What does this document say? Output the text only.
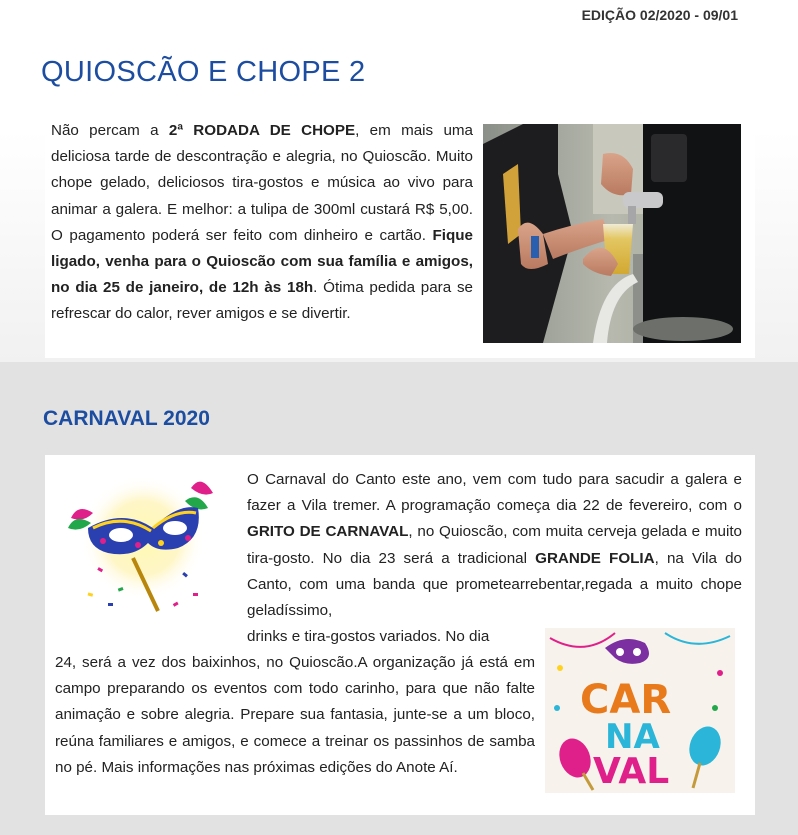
EDIÇÃO 02/2020 - 09/01
QUIOSCÃO E CHOPE 2

Não percam a 2ª RODADA DE CHOPE, em mais uma deliciosa tarde de descontração e alegria, no Quioscão. Muito chope gelado, deliciosos tira-gostos e música ao vivo para animar a galera. E melhor: a tulipa de 300ml custará R$ 5,00. O pagamento poderá ser feito com dinheiro e cartão. Fique ligado, venha para o Quioscão com sua família e amigos, no dia 25 de janeiro, de 12h às 18h. Ótima pedida para se refrescar do calor, rever amigos e se divertir.

CARNAVAL 2020

O Carnaval do Canto este ano, vem com tudo para sacudir a galera e fazer a Vila tremer. A programação começa dia 22 de fevereiro, com o GRITO DE CARNAVAL, no Quioscão, com muita cerveja gelada e muito tira-gosto. No dia 23 será a tradicional GRANDE FOLIA, na Vila do Canto, com uma banda que prometearrebentar,regada a muito chope geladíssimo,

drinks e tira-gostos variados. No dia

24, será a vez dos baixinhos, no Quioscão.A organização já está em campo preparando os eventos com todo carinho, para que não falte animação e sobre alegria. Prepare sua fantasia, junte-se a um bloco, reúna familiares e amigos, e comece a treinar os passinhos de samba no pé. Mais informações nas próximas edições do Anote Aí.

CAR
NA
VAL
